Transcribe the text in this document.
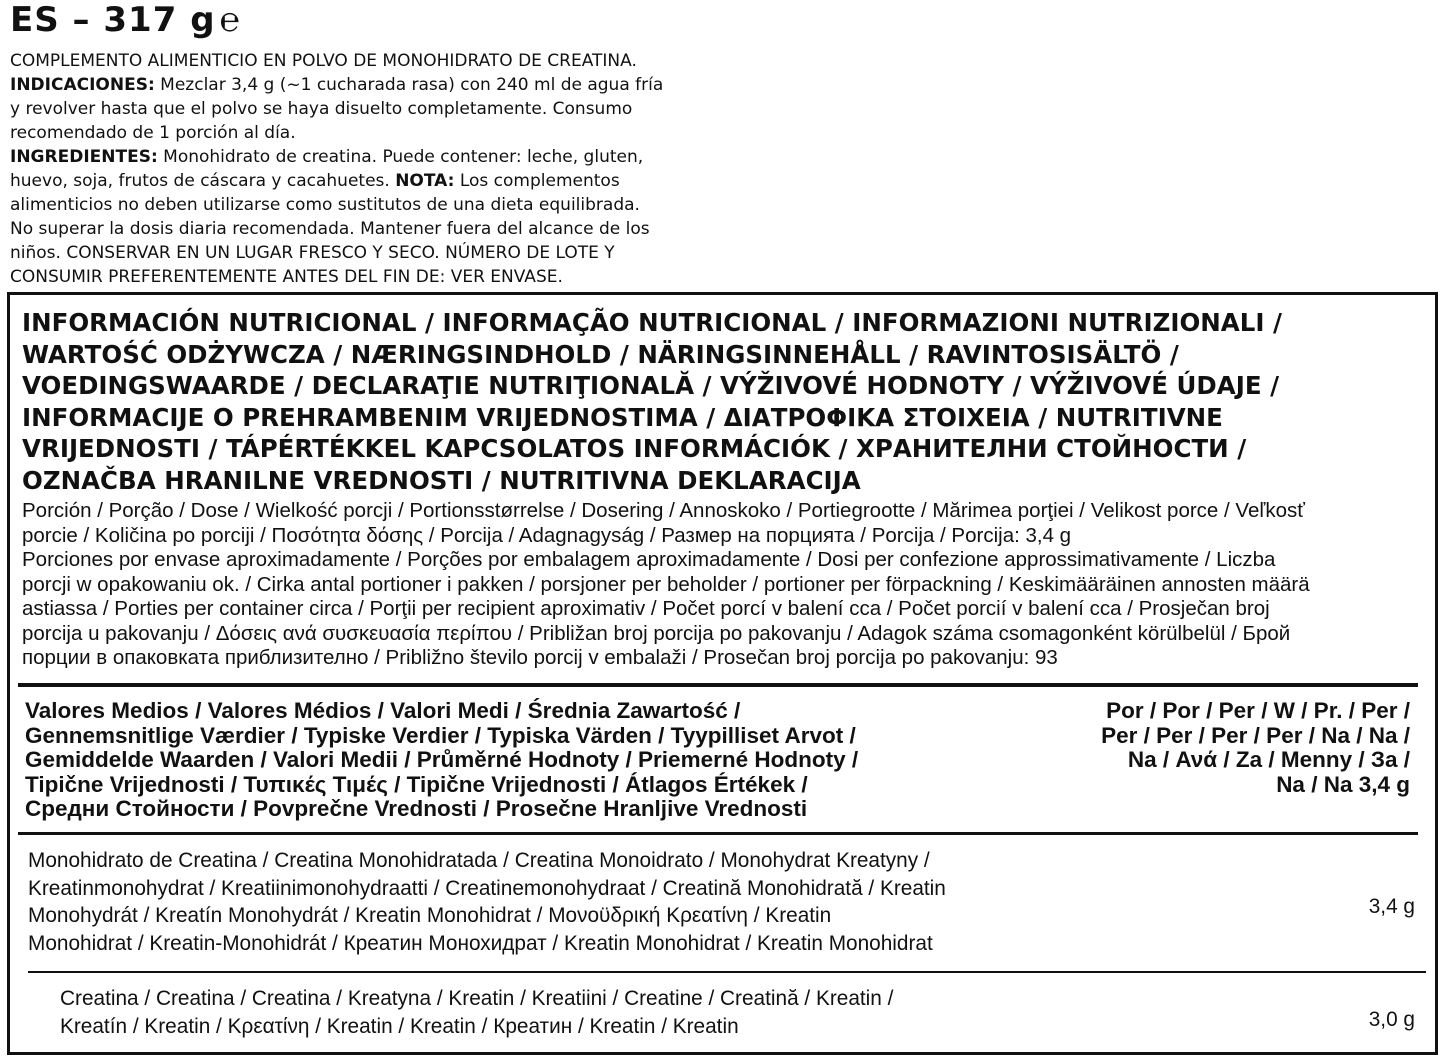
ES – 317 g ℮

COMPLEMENTO ALIMENTICIO EN POLVO DE MONOHIDRATO DE CREATINA.

INDICACIONES: Mezclar 3,4 g (~1 cucharada rasa) con 240 ml de agua fría

y revolver hasta que el polvo se haya disuelto completamente. Consumo

recomendado de 1 porción al día.

INGREDIENTES: Monohidrato de creatina. Puede contener: leche, gluten,

huevo, soja, frutos de cáscara y cacahuetes. NOTA: Los complementos

alimenticios no deben utilizarse como sustitutos de una dieta equilibrada.

No superar la dosis diaria recomendada. Mantener fuera del alcance de los

niños. CONSERVAR EN UN LUGAR FRESCO Y SECO. NÚMERO DE LOTE Y

CONSUMIR PREFERENTEMENTE ANTES DEL FIN DE: VER ENVASE.

INFORMACIÓN NUTRICIONAL / INFORMAÇÃO NUTRICIONAL / INFORMAZIONI NUTRIZIONALI /
WARTOŚĆ ODŻYWCZA / NÆRINGSINDHOLD / NÄRINGSINNEHÅLL / RAVINTOSISÄLTÖ /
VOEDINGSWAARDE / DECLARAŢIE NUTRIŢIONALĂ / VÝŽIVOVÉ HODNOTY / VÝŽIVOVÉ ÚDAJE /
INFORMACIJE O PREHRAMBENIM VRIJEDNOSTIMA / ΔΙΑΤΡΟΦΙΚΑ ΣΤΟΙΧΕΙΑ / NUTRITIVNE
VRIJEDNOSTI / TÁPÉRTÉKKEL KAPCSOLATOS INFORMÁCIÓK / ХРАНИТЕЛНИ СТОЙНОСТИ /
OZNAČBA HRANILNE VREDNOSTI / NUTRITIVNA DEKLARACIJA

Porción / Porção / Dose / Wielkość porcji / Portionsstørrelse / Dosering / Annoskoko / Portiegrootte / Mărimea porţiei / Velikost porce / Veľkosť

porcie / Količina po porciji / Ποσότητα δόσης / Porcija / Adagnagyság / Размер на порцията / Porcija / Porcija: 3,4 g

Porciones por envase aproximadamente / Porções por embalagem aproximadamente / Dosi per confezione approssimativamente / Liczba

porcji w opakowaniu ok. / Cirka antal portioner i pakken / porsjoner per beholder / portioner per förpackning / Keskimääräinen annosten määrä

astiassa / Porties per container circa / Porţii per recipient aproximativ / Počet porcí v balení cca / Počet porcií v balení cca / Prosječan broj

porcija u pakovanju / Δόσεις ανά συσκευασία περίπου / Približan broj porcija po pakovanju / Adagok száma csomagonként körülbelül / Брой

порции в опаковката приблизително / Približno število porcij v embalaži / Prosečan broj porcija po pakovanju: 93

Valores Medios / Valores Médios / Valori Medi / Średnia Zawartość /
Gennemsnitlige Værdier / Typiske Verdier / Typiska Värden / Tyypilliset Arvot /
Gemiddelde Waarden / Valori Medii / Průměrné Hodnoty / Priemerné Hodnoty /
Tipične Vrijednosti / Τυπικές Τιμές / Tipične Vrijednosti / Átlagos Értékek /
Средни Стойности / Povprečne Vrednosti / Prosečne Hranljive Vrednosti
Por / Por / Per / W / Pr. / Per /
Per / Per / Per / Per / Na / Na /
Na / Ανά / Za / Menny / За /
Na / Na 3,4 g
Monohidrato de Creatina / Creatina Monohidratada / Creatina Monoidrato / Monohydrat Kreatyny /
Kreatinmonohydrat / Kreatiinimonohydraatti / Creatinemonohydraat / Creatină Monohidrată / Kreatin
Monohydrát / Kreatín Monohydrát / Kreatin Monohidrat / Μονοϋδρική Κρεατίνη / Kreatin
Monohidrat / Kreatin-Monohidrát / Креатин Монохидрат / Kreatin Monohidrat / Kreatin Monohidrat
3,4 g
Creatina / Creatina / Creatina / Kreatyna / Kreatin / Kreatiini / Creatine / Creatină / Kreatin /
Kreatín / Kreatin / Κρεατίνη / Kreatin / Kreatin / Креатин / Kreatin / Kreatin	3,0 g
